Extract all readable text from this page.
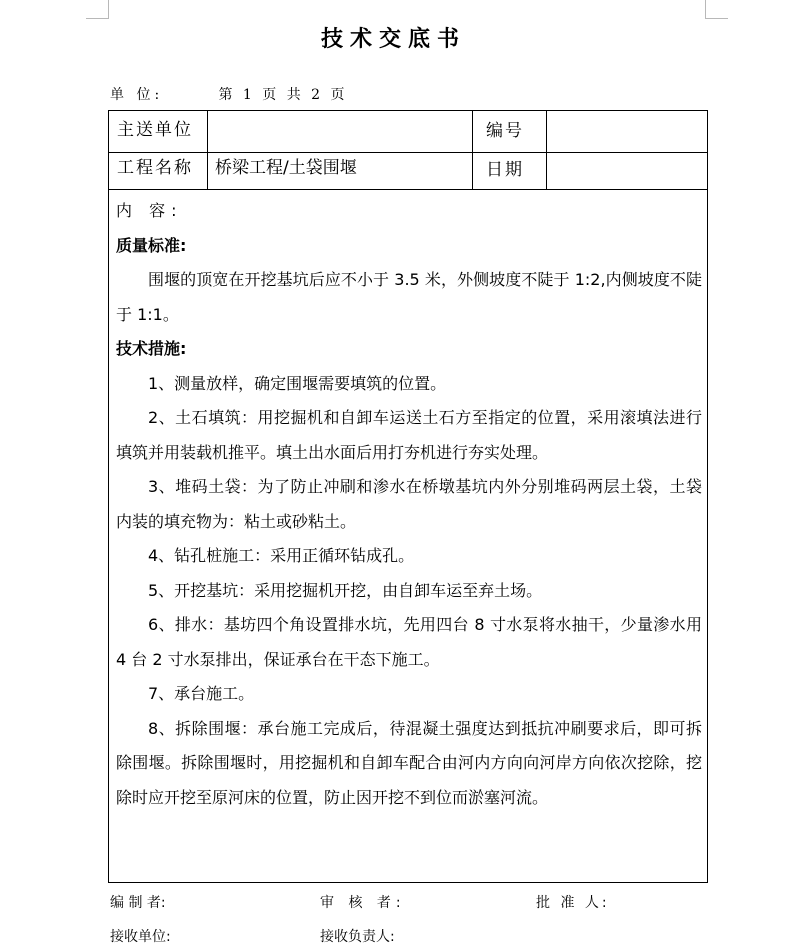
技术交底书
单 位:	第 1 页 共 2 页
主送单位	编号
工程名称 桥梁工程/土袋围堰	日期

内 容:

质量标准:

围堰的顶宽在开挖基坑后应不小于 3.5 米，外侧坡度不陡于 1:2,内侧坡度不陡于 1:1。

技术措施:

1、测量放样，确定围堰需要填筑的位置。

2、土石填筑：用挖掘机和自卸车运送土石方至指定的位置，采用滚填法进行填筑并用装载机推平。填土出水面后用打夯机进行夯实处理。

3、堆码土袋：为了防止冲刷和渗水在桥墩基坑内外分别堆码两层土袋，土袋内装的填充物为：粘土或砂粘土。

4、钻孔桩施工：采用正循环钻成孔。

5、开挖基坑：采用挖掘机开挖，由自卸车运至弃土场。

6、排水：基坊四个角设置排水坑，先用四台 8 寸水泵将水抽干，少量渗水用 4 台 2 寸水泵排出，保证承台在干态下施工。

7、承台施工。

8、拆除围堰：承台施工完成后，待混凝土强度达到抵抗冲刷要求后，即可拆除围堰。拆除围堰时，用挖掘机和自卸车配合由河内方向向河岸方向依次挖除，挖除时应开挖至原河床的位置，防止因开挖不到位而淤塞河流。

编 制 者:	审 核 者:	批 准 人:
接收单位:	接收负责人:
